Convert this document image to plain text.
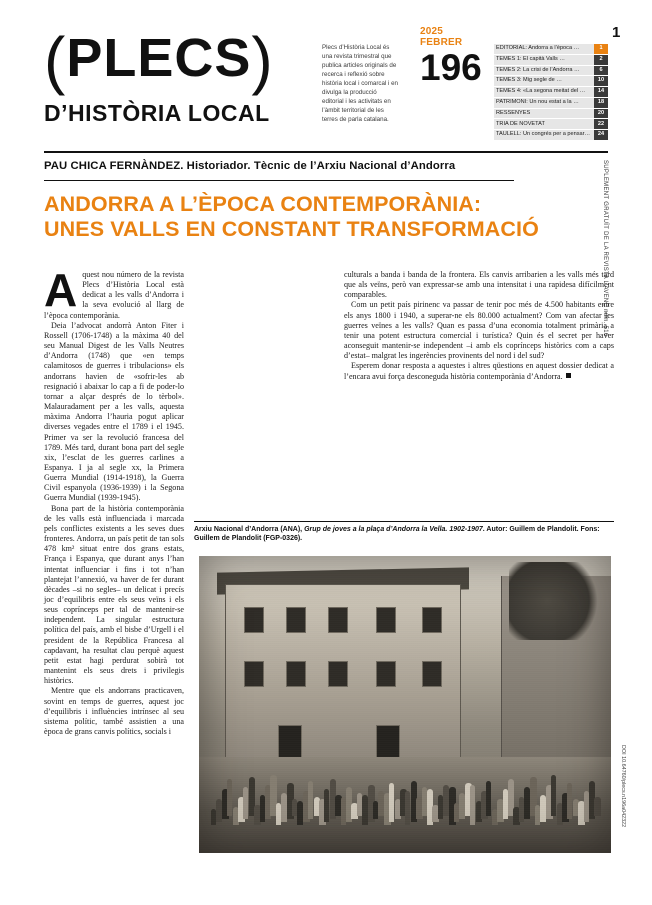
(PLECS)
D’HISTÒRIA LOCAL
Plecs d’Història Local és una revista trimestral que publica articles originals de recerca i reflexió sobre història local i comarcal i en divulga la producció editorial i les activitats en l’àmbit territorial de les terres de parla catalana.
2025 FEBRER
196
1
EDITORIAL: Andorra a l’època …	1
TEMES 1: El capità Valls …	2
TEMES 2: La crisi de l’Andorra …	6
TEMES 3: Mig segle de …	10
TEMES 4: «La segona meitat del …	14
PATRIMONI: Un nou estat a la …	18
RESSENYES	20
TRIA DE NOVETAT	22
TAULELL: Un congrés per a pensar…	24
PAU CHICA FERNÀNDEZ. Historiador. Tècnic de l’Arxiu Nacional d’Andorra
ANDORRA A L’ÈPOCA CONTEMPORÀNIA:
UNES VALLS EN CONSTANT TRANSFORMACIÓ	SUPLEMENT GRATUÏT DE LA REVISTA L’AVENÇ núm. 516
DOI 10.64760/plecs.n196a042322

Aquest nou número de la revista Plecs d’Història Local està dedicat a les valls d’Andorra i la seva evolució al llarg de l’època contemporània.

Deia l’advocat andorrà Anton Fiter i Rossell (1706-1748) a la màxima 40 del seu Manual Digest de les Valls Neutres d’Andorra (1748) que «en temps calamitosos de guerres i tribulacions» els andorrans havien de «sofrir-les ab resignació i abaixar lo cap a fi de poder-lo tornar a alçar després de lo tèrbol». Malauradament per a les valls, aquesta màxima Andorra l’hauria pogut aplicar diverses vegades entre el 1789 i el 1945. Primer va ser la revolució francesa del 1789. Més tard, durant bona part del segle xix, l’esclat de les guerres carlines a Espanya. I ja al segle xx, la Primera Guerra Mundial (1914-1918), la Guerra Civil espanyola (1936-1939) i la Segona Guerra Mundial (1939-1945).

Bona part de la història contemporània de les valls està influenciada i marcada pels conflictes existents a les seves dues fronteres. Andorra, un país petit de tan sols 478 km² situat entre dos grans estats, França i Espanya, que durant anys l’han intentat influenciar i fins i tot n’han plantejat l’annexió, va haver de fer durant dècades –si no segles– un delicat i precís joc d’equilibris entre els seus veïns i els seus coprínceps per tal de mantenir-se independent. La singular estructura política del país, amb el bisbe d’Urgell i el president de la República Francesa al capdavant, ha resultat clau perquè aquest petit estat hagi perdurat sobirà tot mantenint els seus drets i privilegis històrics.

Mentre que els andorrans practicaven, sovint en temps de guerres, aquest joc d’equilibris i influències intrínsec al seu sistema polític, també assistien a una època de grans canvis polítics, socials i

culturals a banda i banda de la frontera. Els canvis arribarien a les valls més tard que als veïns, però van expressar-se amb una intensitat i una rapidesa difícilment comparables.

Com un petit país pirinenc va passar de tenir poc més de 4.500 habitants entre els anys 1800 i 1940, a superar-ne els 80.000 actualment? Com van afectar les guerres veïnes a les valls? Quan es passa d’una economia totalment primària a tenir una potent estructura comercial i turística? Quin és el secret per haver aconseguit mantenir-se independent –i amb els coprínceps històrics com a caps d’estat– malgrat les ingerències provinents del nord i del sud?

Esperem donar resposta a aquestes i altres qüestions en aquest dossier dedicat a l’encara avui força desconeguda història contemporània d’Andorra.

Arxiu Nacional d’Andorra (ANA), Grup de joves a la plaça d’Andorra la Vella. 1902-1907. Autor: Guillem de Plandolit. Fons: Guillem de Plandolit (FGP-0326).
